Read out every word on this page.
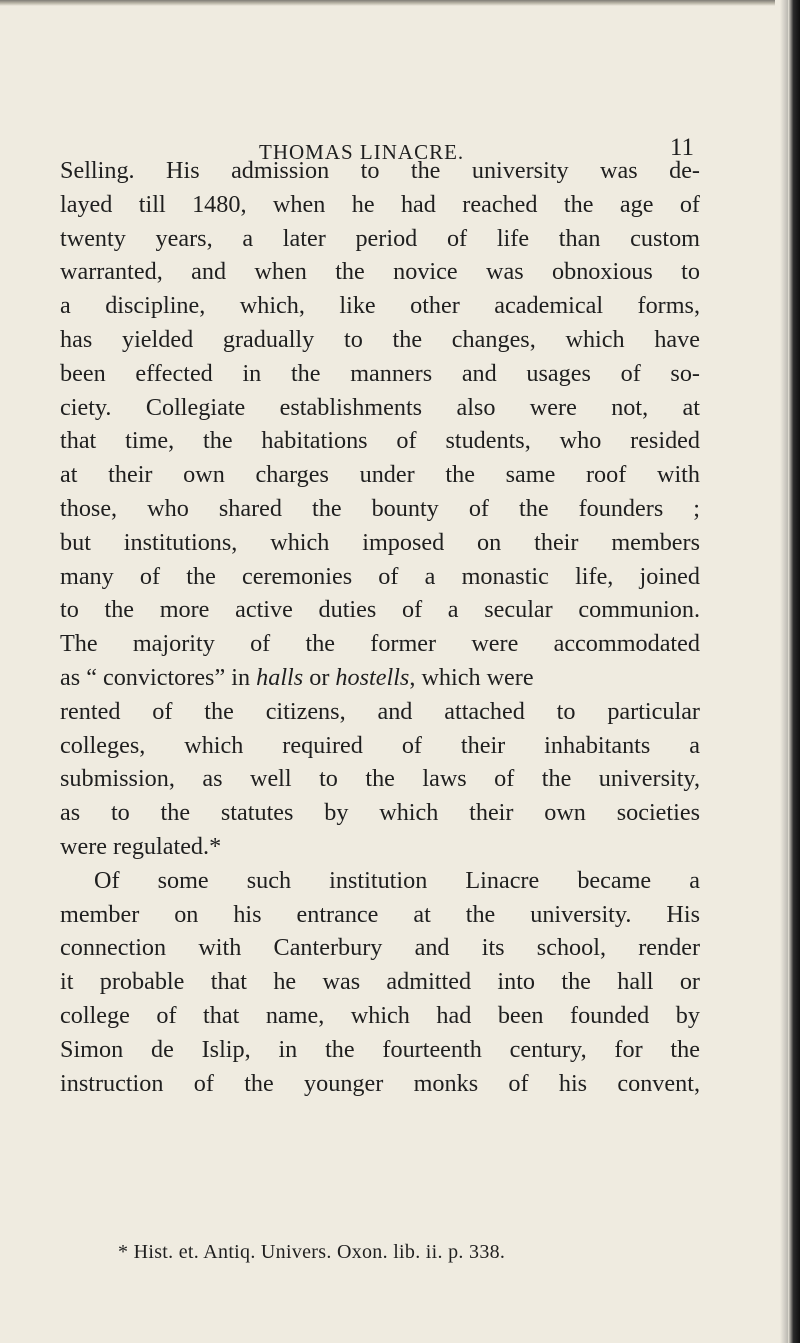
THOMAS LINACRE.	11
Selling. His admission to the university was de-
layed till 1480, when he had reached the age of
twenty years, a later period of life than custom
warranted, and when the novice was obnoxious to
a discipline, which, like other academical forms,
has yielded gradually to the changes, which have
been effected in the manners and usages of so-
ciety. Collegiate establishments also were not, at
that time, the habitations of students, who resided
at their own charges under the same roof with
those, who shared the bounty of the founders ;
but institutions, which imposed on their members
many of the ceremonies of a monastic life, joined
to the more active duties of a secular communion.
The majority of the former were accommodated
as “ convictores” in halls or hostells, which were
rented of the citizens, and attached to particular
colleges, which required of their inhabitants a
submission, as well to the laws of the university,
as to the statutes by which their own societies
were regulated.*
Of some such institution Linacre became a
member on his entrance at the university. His
connection with Canterbury and its school, render
it probable that he was admitted into the hall or
college of that name, which had been founded by
Simon de Islip, in the fourteenth century, for the
instruction of the younger monks of his convent,
* Hist. et. Antiq. Univers. Oxon. lib. ii. p. 338.
